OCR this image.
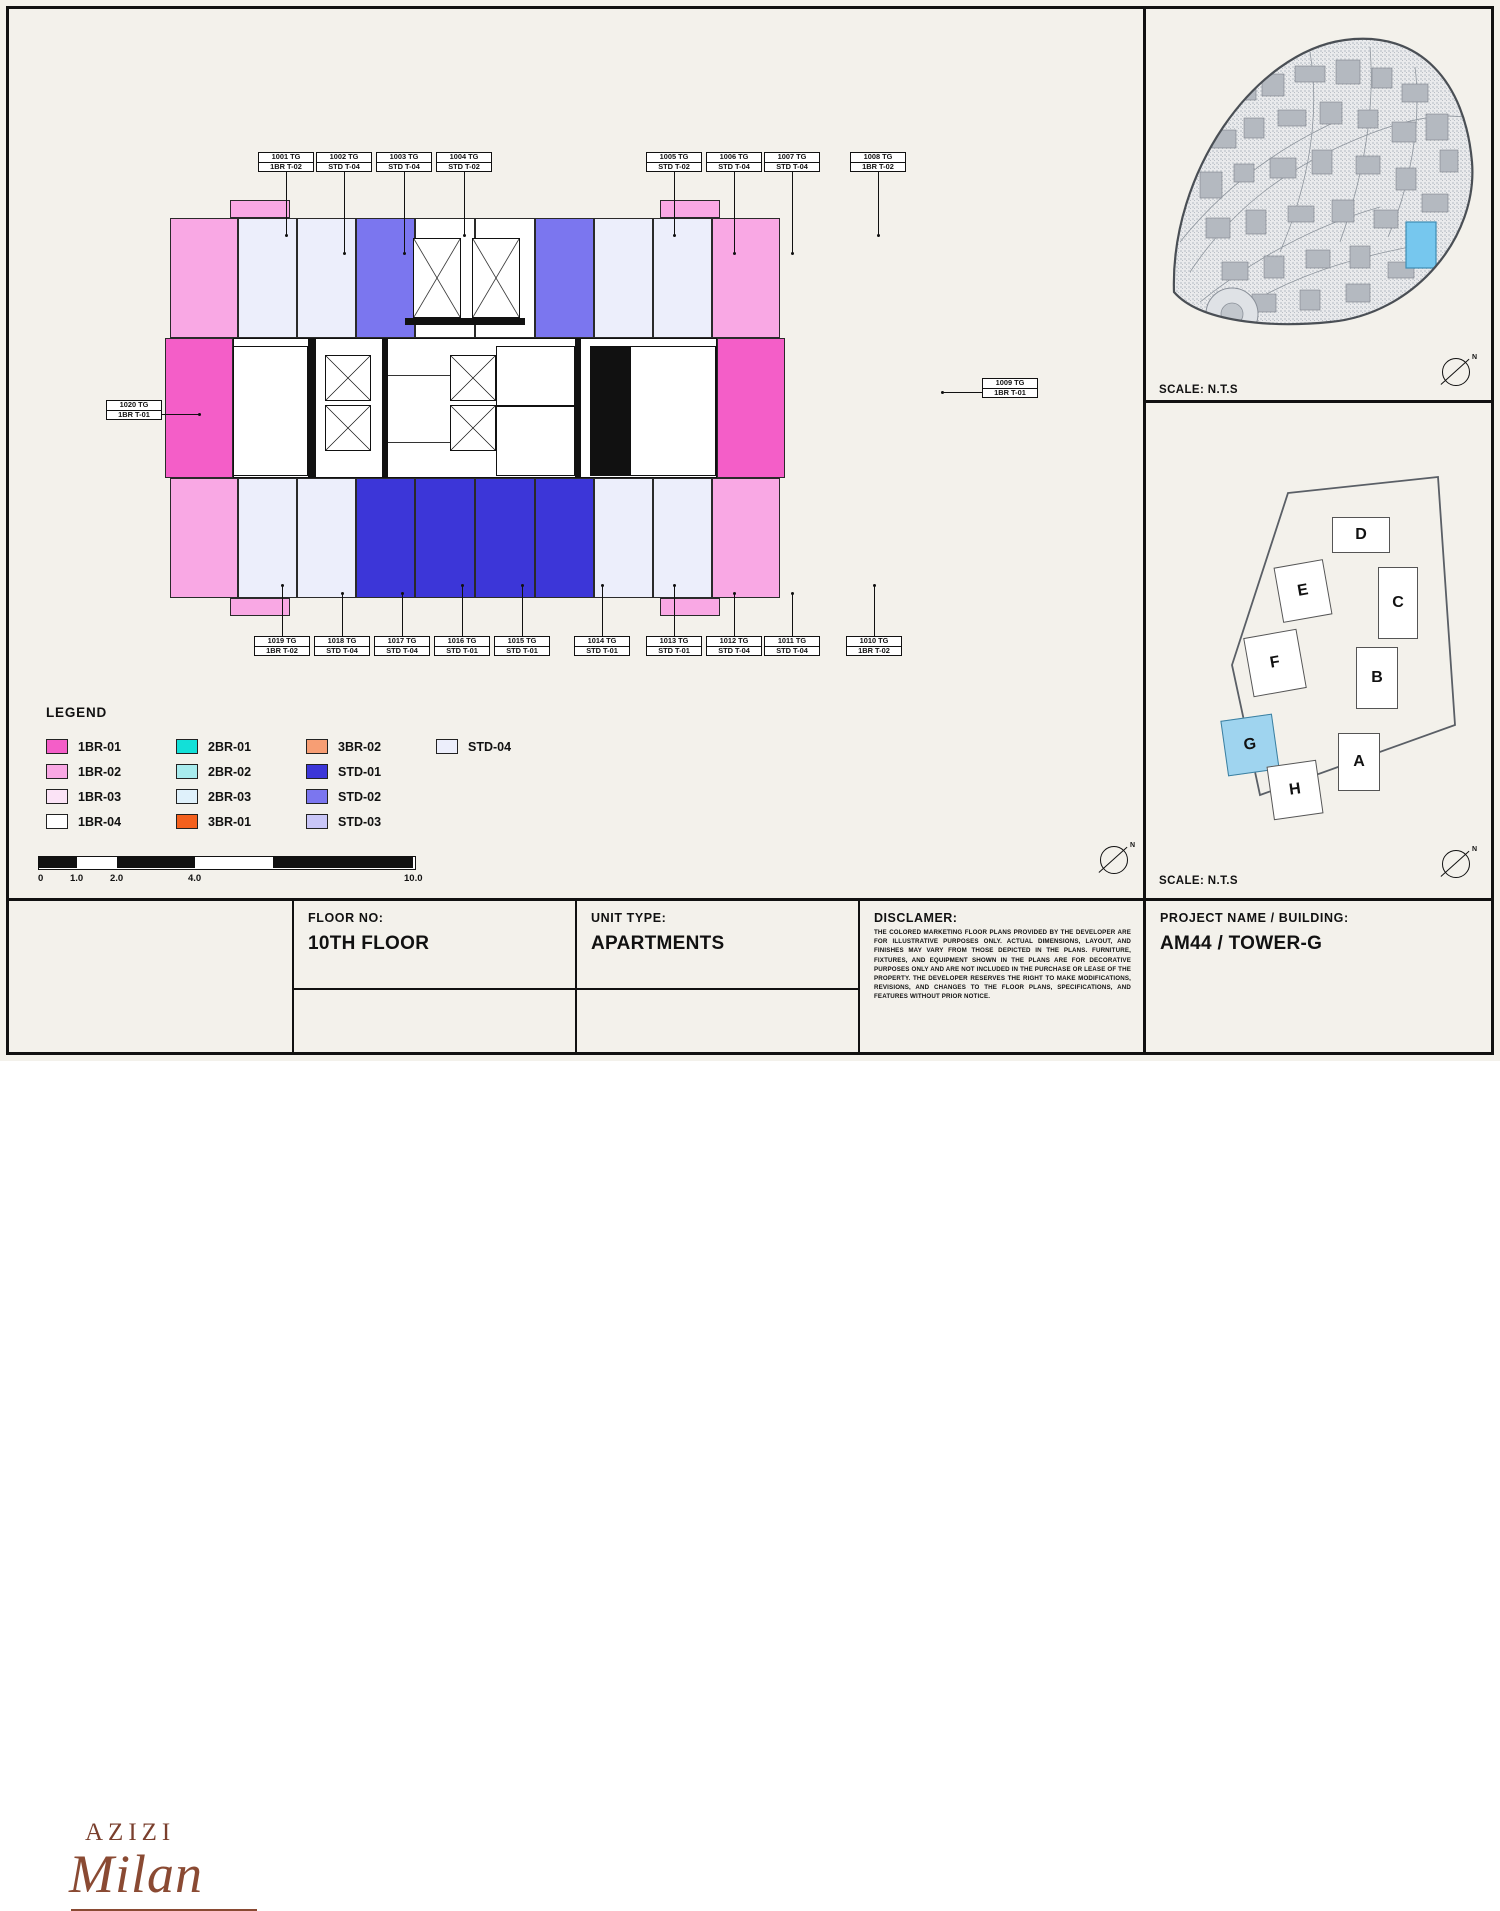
1001 TG
1BR T-02
1002 TG
STD T-04
1003 TG
STD T-04
1004 TG
STD T-02
1005 TG
STD T-02
1006 TG
STD T-04
1007 TG
STD T-04
1008 TG
1BR T-02
1019 TG
1BR T-02
1018 TG
STD T-04
1017 TG
STD T-04
1016 TG
STD T-01
1015 TG
STD T-01
1014 TG
STD T-01
1013 TG
STD T-01
1012 TG
STD T-04
1011 TG
STD T-04
1010 TG
1BR T-02
1020 TG
1BR T-01
1009 TG
1BR T-01
N
LEGEND
1BR-01	2BR-01	3BR-02	STD-04
1BR-02	2BR-02	STD-01
1BR-03	2BR-03	STD-02
1BR-04	3BR-01	STD-03
0	1.0	2.0	4.0	10.0
SCALE: N.T.S
N
D
E
C
F
B
G
A
H
SCALE: N.T.S
N
AZIZI
Milan
FLOOR NO:
10TH FLOOR
UNIT TYPE:
APARTMENTS
DISCLAMER:
THE COLORED MARKETING FLOOR PLANS PROVIDED BY THE DEVELOPER ARE FOR ILLUSTRATIVE PURPOSES ONLY. ACTUAL DIMENSIONS, LAYOUT, AND FINISHES MAY VARY FROM THOSE DEPICTED IN THE PLANS. FURNITURE, FIXTURES, AND EQUIPMENT SHOWN IN THE PLANS ARE FOR DECORATIVE PURPOSES ONLY AND ARE NOT INCLUDED IN THE PURCHASE OR LEASE OF THE PROPERTY. THE DEVELOPER RESERVES THE RIGHT TO MAKE MODIFICATIONS, REVISIONS, AND CHANGES TO THE FLOOR PLANS, SPECIFICATIONS, AND FEATURES WITHOUT PRIOR NOTICE.
PROJECT NAME / BUILDING:
AM44 / TOWER-G
